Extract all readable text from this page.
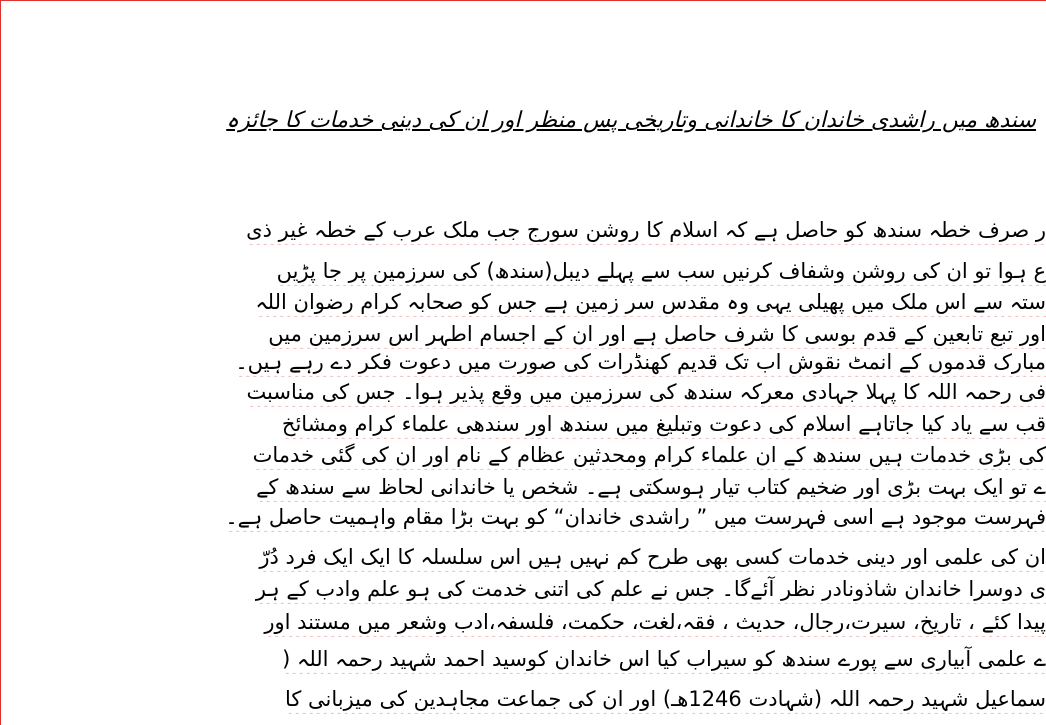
سندھ میں راشدی خاندان کا خاندانی وتاریخی پس منظر اور ان کی دینی خدمات کا جائزہ
ر صرف خطہ سندھ کو حاصل ہے کہ اسلام کا روشن سورج جب ملک عرب کے خطہ غیر ذی
ع ہوا تو ان کی روشن وشفاف کرنیں سب سے پہلے دیبل(سندھ) کی سرزمین پر جا پڑیں
ستہ سے اس ملک میں پھیلی یہی وہ مقدس سر زمین ہے جس کو صحابہ کرام رضوان اللہ
اور تبع تابعین کے قدم بوسی کا شرف حاصل ہے اور ان کے اجسام اطہر اس سرزمین میں
مبارک قدموں کے انمٹ نقوش اب تک قدیم کھنڈرات کی صورت میں دعوت فکر دے رہے ہیں۔
فی رحمہ اللہ کا پہلا جہادی معرکہ سندھ کی سرزمین میں وقع پذیر ہوا۔ جس کی مناسبت
قب سے یاد کیا جاتاہے اسلام کی دعوت وتبلیغ میں سندھ اور سندھی علماء کرام ومشائخ
کی بڑی خدمات ہیں سندھ کے ان علماء کرام ومحدثین عظام کے نام اور ان کی گئی خدمات
ے تو ایک بہت بڑی اور ضخیم کتاب تیار ہوسکتی ہے۔ شخص یا خاندانی لحاظ سے سندھ کے
فہرست موجود ہے اسی فہرست میں ” راشدی خاندان“ کو بہت بڑا مقام واہمیت حاصل ہے۔
ان کی علمی اور دینی خدمات کسی بھی طرح کم نہیں ہیں اس سلسلہ کا ایک ایک فرد دُرّ
ی دوسرا خاندان شاذونادر نظر آئےگا۔ جس نے علم کی اتنی خدمت کی ہو علم وادب کے ہر
پیدا کئے ، تاریخ، سیرت،رجال، حدیث ، فقہ،لغت، حکمت، فلسفہ،ادب وشعر میں مستند اور
ے علمی آبیاری سے پورے سندھ کو سیراب کیا اس خاندان کوسید احمد شہید رحمہ اللہ (
سماعیل شہید رحمہ اللہ (شہادت 1246ھـ) اور ان کی جماعت مجاہدین کی میزبانی کا
